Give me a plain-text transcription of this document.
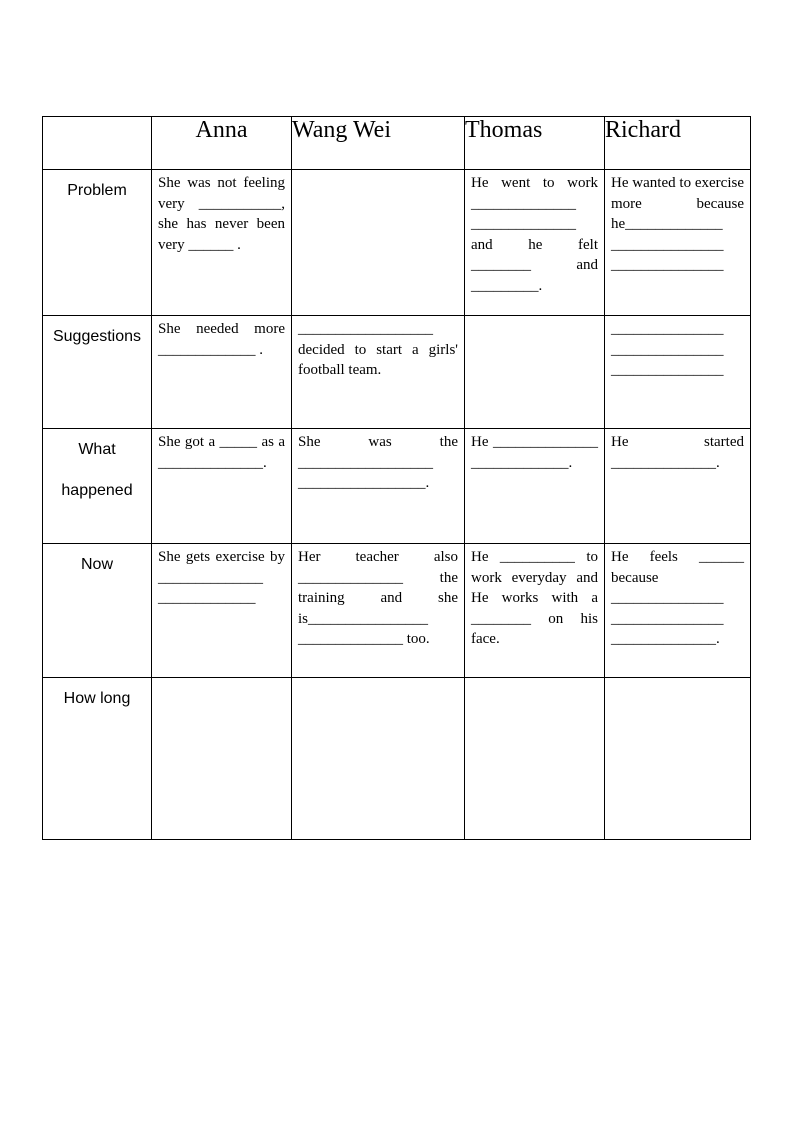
	Anna	Wang Wei	Thomas	Richard
Problem	She was not feeling very ___________, she has never been very ______ .		He went to work ______________ ______________ and he felt ________ and _________.	He wanted to exercise more because he_____________ _______________ _______________

Suggestions	She needed more _____________ .	__________________ decided to start a girls' football team.		_______________ _______________ _______________

What happened	She got a _____ as a ______________.	She was the __________________ _________________.	He ______________ _____________.	He started ______________.

Now	She gets exercise by ______________ _____________	Her teacher also ______________ the training and she is________________ ______________ too.	He __________ to work everyday and He works with a ________ on his face.	He feels ______ because _______________ _______________ ______________.

How long	
